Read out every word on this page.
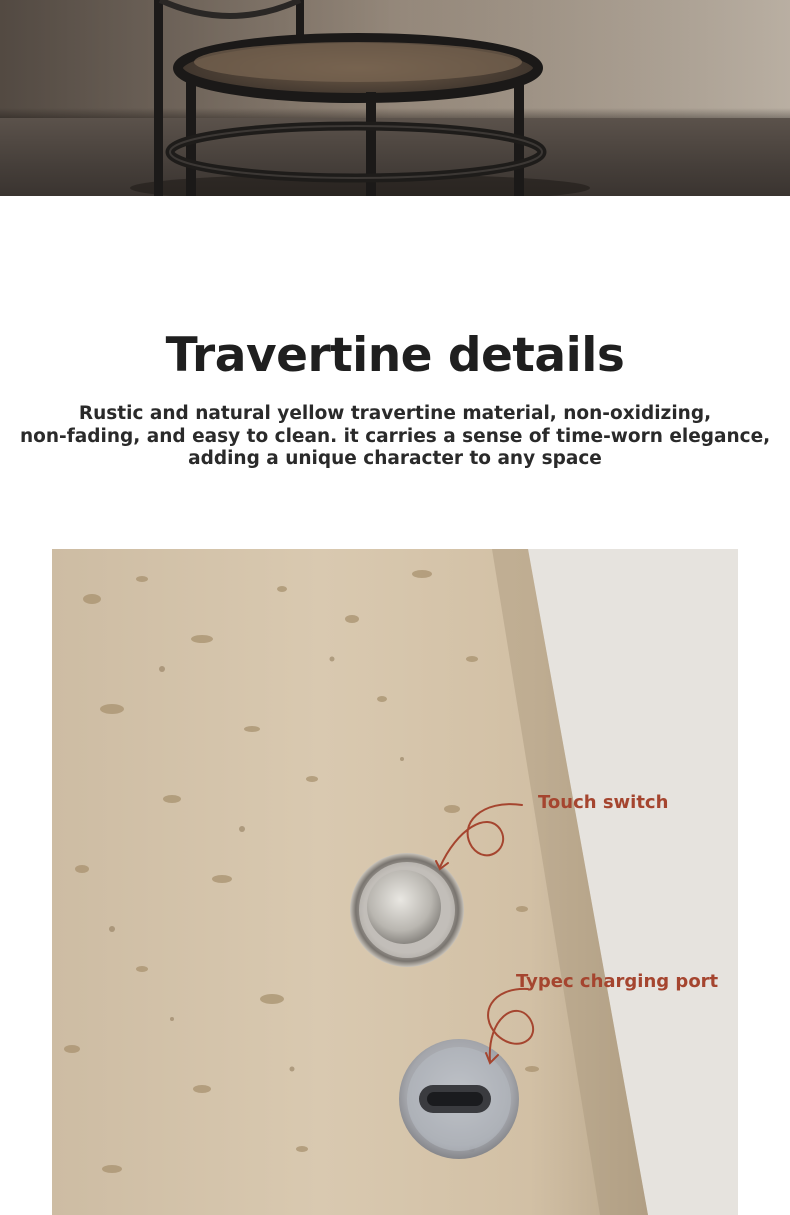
Travertine details

Rustic and natural yellow travertine material, non-oxidizing,
non-fading, and easy to clean. it carries a sense of time-worn elegance,
adding a unique character to any space

Touch switch

Typec charging port
